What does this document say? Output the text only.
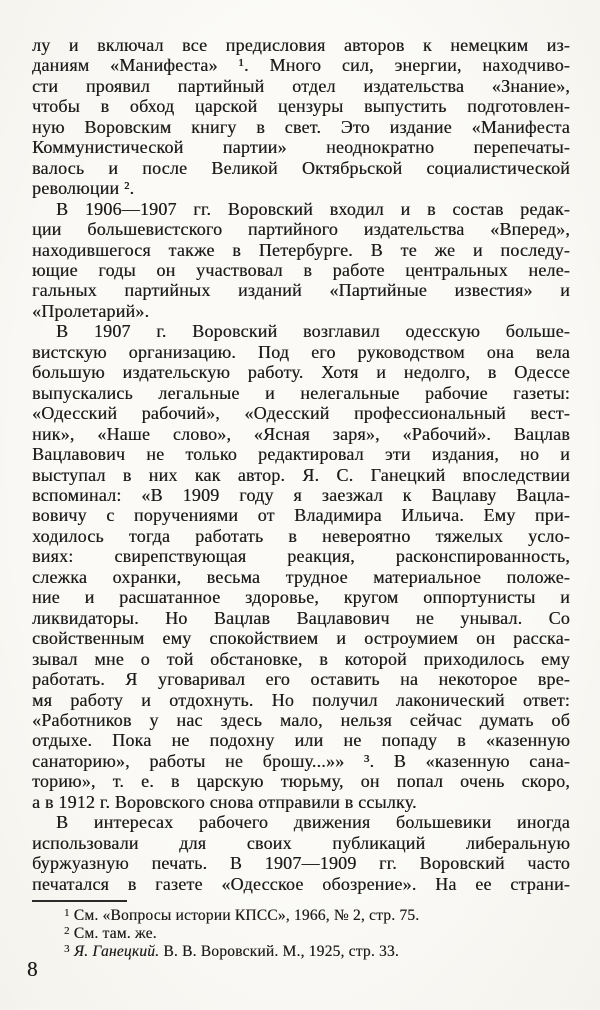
лу и включал все предисловия авторов к немецким из-
даниям «Манифеста» ¹. Много сил, энергии, находчиво-
сти проявил партийный отдел издательства «Знание»,
чтобы в обход царской цензуры выпустить подготовлен-
ную Воровским книгу в свет. Это издание «Манифеста
Коммунистической партии» неоднократно перепечаты-
валось и после Великой Октябрьской социалистической
революции ².
В 1906—1907 гг. Воровский входил и в состав редак-
ции большевистского партийного издательства «Вперед»,
находившегося также в Петербурге. В те же и последу-
ющие годы он участвовал в работе центральных неле-
гальных партийных изданий «Партийные известия» и
«Пролетарий».
В 1907 г. Воровский возглавил одесскую больше-
вистскую организацию. Под его руководством она вела
большую издательскую работу. Хотя и недолго, в Одессе
выпускались легальные и нелегальные рабочие газеты:
«Одесский рабочий», «Одесский профессиональный вест-
ник», «Наше слово», «Ясная заря», «Рабочий». Вацлав
Вацлавович не только редактировал эти издания, но и
выступал в них как автор. Я. С. Ганецкий впоследствии
вспоминал: «В 1909 году я заезжал к Вацлаву Вацла-
вовичу с поручениями от Владимира Ильича. Ему при-
ходилось тогда работать в невероятно тяжелых усло-
виях: свирепствующая реакция, расконспированность,
слежка охранки, весьма трудное материальное положе-
ние и расшатанное здоровье, кругом оппортунисты и
ликвидаторы. Но Вацлав Вацлавович не унывал. Со
свойственным ему спокойствием и остроумием он расска-
зывал мне о той обстановке, в которой приходилось ему
работать. Я уговаривал его оставить на некоторое вре-
мя работу и отдохнуть. Но получил лаконический ответ:
«Работников у нас здесь мало, нельзя сейчас думать об
отдыхе. Пока не подохну или не попаду в «казенную
санаторию», работы не брошу...»» ³. В «казенную сана-
торию», т. е. в царскую тюрьму, он попал очень скоро,
а в 1912 г. Воровского снова отправили в ссылку.
В интересах рабочего движения большевики иногда
использовали для своих публикаций либеральную
буржуазную печать. В 1907—1909 гг. Воровский часто
печатался в газете «Одесское обозрение». На ее страни-
$^1$ См. «Вопросы истории КПСС», 1966, № 2, стр. 75.
$^2$ См. там. же.
$^3$ Я. Ганецкий. В. В. Воровский. М., 1925, стр. 33.
8
